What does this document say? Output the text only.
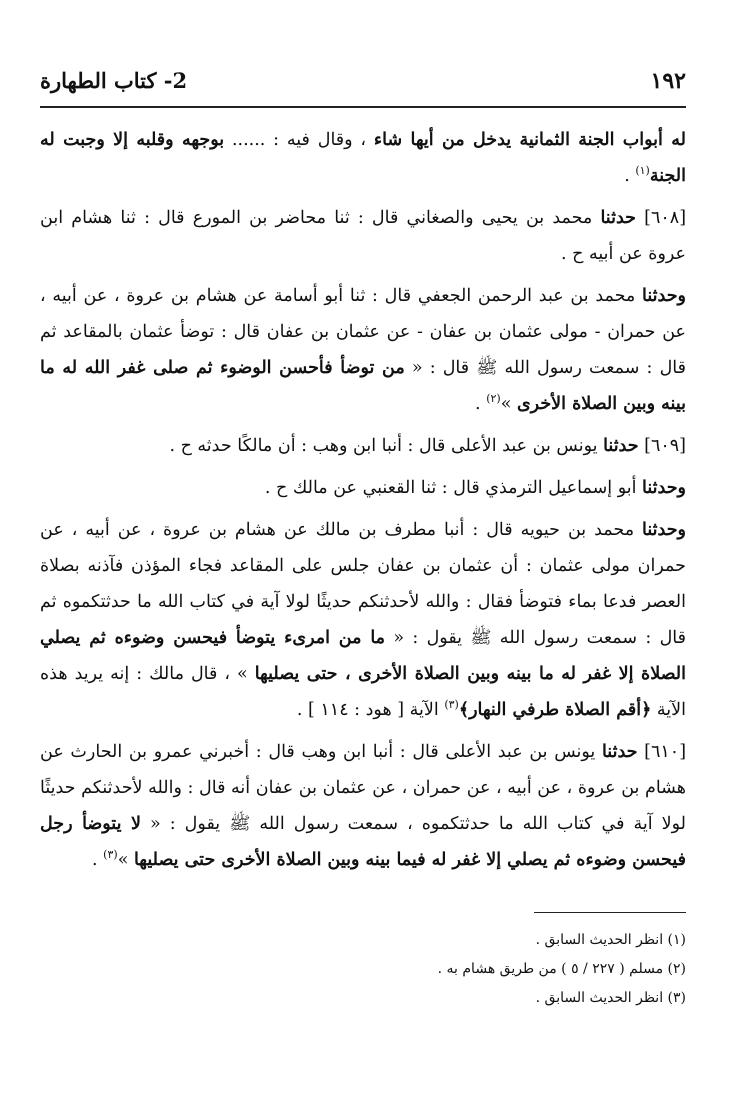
١٩٢
2- كتاب الطهارة

له أبواب الجنة الثمانية يدخل من أيها شاء ، وقال فيه : ...... بوجهه وقلبه إلا وجبت له الجنة$^{(١)}$ .

[٦٠٨] حدثنا محمد بن يحيى والصغاني قال : ثنا محاضر بن المورع قال : ثنا هشام ابن عروة عن أبيه ح .

وحدثنا محمد بن عبد الرحمن الجعفي قال : ثنا أبو أسامة عن هشام بن عروة ، عن أبيه ، عن حمران - مولى عثمان بن عفان - عن عثمان بن عفان قال : توضأ عثمان بالمقاعد ثم قال : سمعت رسول الله ﷺ قال : « من توضأ فأحسن الوضوء ثم صلى غفر الله له ما بينه وبين الصلاة الأخرى »$^{(٢)}$ .

[٦٠٩] حدثنا يونس بن عبد الأعلى قال : أنبا ابن وهب : أن مالكًا حدثه ح .

وحدثنا أبو إسماعيل الترمذي قال : ثنا القعنبي عن مالك ح .

وحدثنا محمد بن حيويه قال : أنبا مطرف بن مالك عن هشام بن عروة ، عن أبيه ، عن حمران مولى عثمان : أن عثمان بن عفان جلس على المقاعد فجاء المؤذن فآذنه بصلاة العصر فدعا بماء فتوضأ فقال : والله لأحدثنكم حديثًا لولا آية في كتاب الله ما حدثتكموه ثم قال : سمعت رسول الله ﷺ يقول : « ما من امرىء يتوضأ فيحسن وضوءه ثم يصلي الصلاة إلا غفر له ما بينه وبين الصلاة الأخرى ، حتى يصليها » ، قال مالك : إنه يريد هذه الآية ﴿أقم الصلاة طرفي النهار﴾$^{(٣)}$ الآية [ هود : ١١٤ ] .

[٦١٠] حدثنا يونس بن عبد الأعلى قال : أنبا ابن وهب قال : أخبرني عمرو بن الحارث عن هشام بن عروة ، عن أبيه ، عن حمران ، عن عثمان بن عفان أنه قال : والله لأحدثنكم حديثًا لولا آية في كتاب الله ما حدثتكموه ، سمعت رسول الله ﷺ يقول : « لا يتوضأ رجل فيحسن وضوءه ثم يصلي إلا غفر له فيما بينه وبين الصلاة الأخرى حتى يصليها »$^{(٣)}$ .

(١) انظر الحديث السابق .
(٢) مسلم ( ٢٢٧ / ٥ ) من طريق هشام به .
(٣) انظر الحديث السابق .
